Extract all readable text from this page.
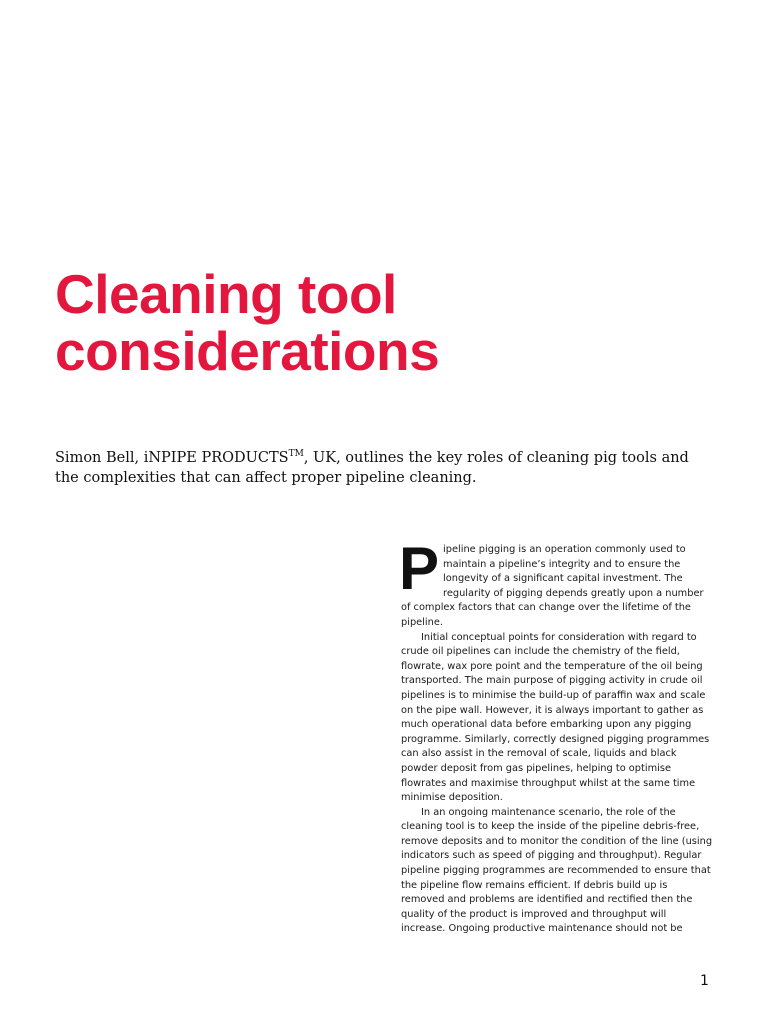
Cleaning tool
considerations

Simon Bell, iNPIPE PRODUCTS™, UK, outlines the key roles of cleaning pig tools and the complexities that can affect proper pipeline cleaning.

Pipeline pigging is an operation commonly used to maintain a pipeline’s integrity and to ensure the longevity of a significant capital investment. The regularity of pigging depends greatly upon a number of complex factors that can change over the lifetime of the pipeline.

Initial conceptual points for consideration with regard to crude oil pipelines can include the chemistry of the field, flowrate, wax pore point and the temperature of the oil being transported. The main purpose of pigging activity in crude oil pipelines is to minimise the build-up of paraffin wax and scale on the pipe wall. However, it is always important to gather as much operational data before embarking upon any pigging programme. Similarly, correctly designed pigging programmes can also assist in the removal of scale, liquids and black powder deposit from gas pipelines, helping to optimise flowrates and maximise throughput whilst at the same time minimise deposition.

In an ongoing maintenance scenario, the role of the cleaning tool is to keep the inside of the pipeline debris-free, remove deposits and to monitor the condition of the line (using indicators such as speed of pigging and throughput). Regular pipeline pigging programmes are recommended to ensure that the pipeline flow remains efficient. If debris build up is removed and problems are identified and rectified then the quality of the product is improved and throughput will increase. Ongoing productive maintenance should not be

1
